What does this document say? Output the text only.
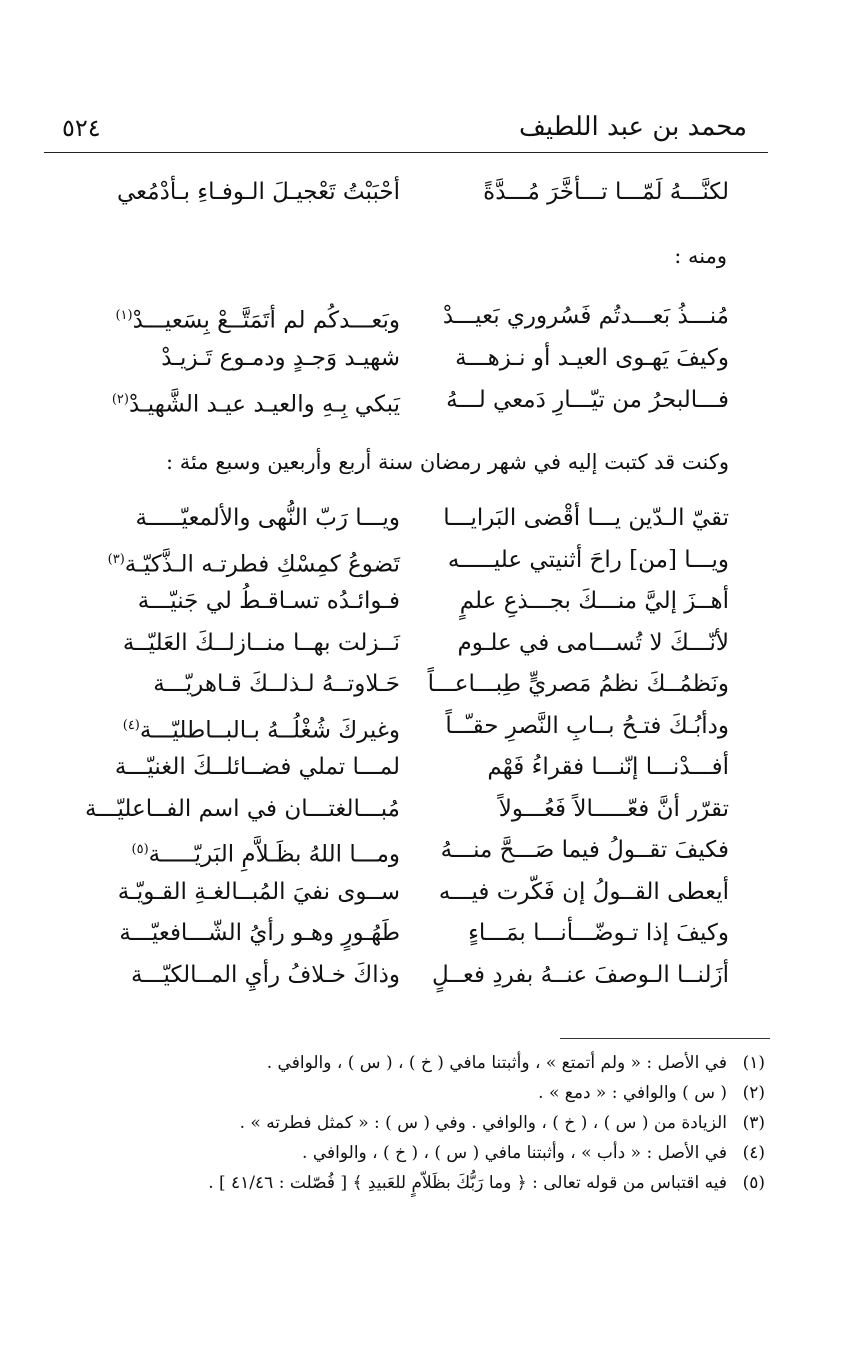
محمد بن عبد اللطيف
٥٢٤
لكنَّـــهُ لَمّـــا تـــأخَّرَ مُـــدَّةً
أحْبَبْتُ تَعْجيـلَ الـوفـاءِ بـأدْمُعي
ومنه :
مُنـــذُ بَعـــدتُم فَسُروري بَعيـــدْ
وبَعـــدكُم لم أتَمَتَّــعْ بِسَعيـــدْ$^{(١)}$
وكيفَ يَهـوى العيـد أو نـزهـــة
شهيـد وَجـدٍ ودمـوع تَـزيـدْ
فـــالبحرُ من تيّـــارِ دَمعي لـــهُ
يَبكي بِـهِ والعيـد عيـد الشَّهيـدْ$^{(٢)}$
وكنت قد كتبت إليه في شهر رمضان سنة أربع وأربعين وسبع مئة :
تقيّ الـدّين يـــا أقْضى البَرايـــا
ويـــا رَبّ النُّهى والألمعيّـــــة
ويـــا [من] راحَ أثنيتي عليـــــه
تَضوعُ كمِسْكِ فطرتـه الـذَّكيّـة$^{(٣)}$
أهــزَ إليَّ منـــكَ بجـــذعِ علمٍ
فـوائـدُه تسـاقـطُ لي جَنيّـــة
لأنّـــكَ لا تُســـامى في علـوم
نَــزلت بهــا منــازلــكَ العَليّــة
ونَظمُــكَ نظمُ مَصريٍّ طِبـــاعـــاً
حَـلاوتــهُ لـذلــكَ قـاهريّـــة
ودأبُـكَ فتـحُ بــابِ النَّصرِ حقـّــاً
وغيركَ شُغْلُــهُ بـالبــاطليّـــة$^{(٤)}$
أفـــدْنـــا إنّنـــا فقراءُ فَهْم
لمـــا تملي فضــائلــكَ الغنيّـــة
تقرّر أنَّ فعّـــــالاً فَعُـــولاً
مُبـــالغتـــان في اسم الفــاعليّـــة
فكيفَ تقــولُ فيما صَـــحَّ منـــهُ
ومـــا اللهُ بظَـلاَّمِ البَريّـــــة$^{(٥)}$
أيعطى القــولُ إن فَكّرت فيـــه
ســوى نفيَ المُبــالغـةِ القـويّـة
وكيفَ إذا تـوضّـــأنـــا بمَـــاءٍ
طَهُـورٍ وهـو رأيُ الشّـــافعيّـــة
أزَلنــا الـوصفَ عنــهُ بفردِ فعــلٍ
وذاكَ خـلافُ رأيِ المــالكيّـــة
(١)
في الأصل : « ولم أتمتع » ، وأثبتنا مافي ( خ ) ، ( س ) ، والوافي .
(٢)
( س ) والوافي : « دمع » .
(٣)
الزيادة من ( س ) ، ( خ ) ، والوافي . وفي ( س ) : « كمثل فطرته » .
(٤)
في الأصل : « دأب » ، وأثبتنا مافي ( س ) ، ( خ ) ، والوافي .
(٥)
فيه اقتباس من قوله تعالى : ﴿ وما رَبُّكَ بظَلاّمٍ للعَبيدِ ﴾ [ فُصّلت : ٤١/٤٦ ] .
